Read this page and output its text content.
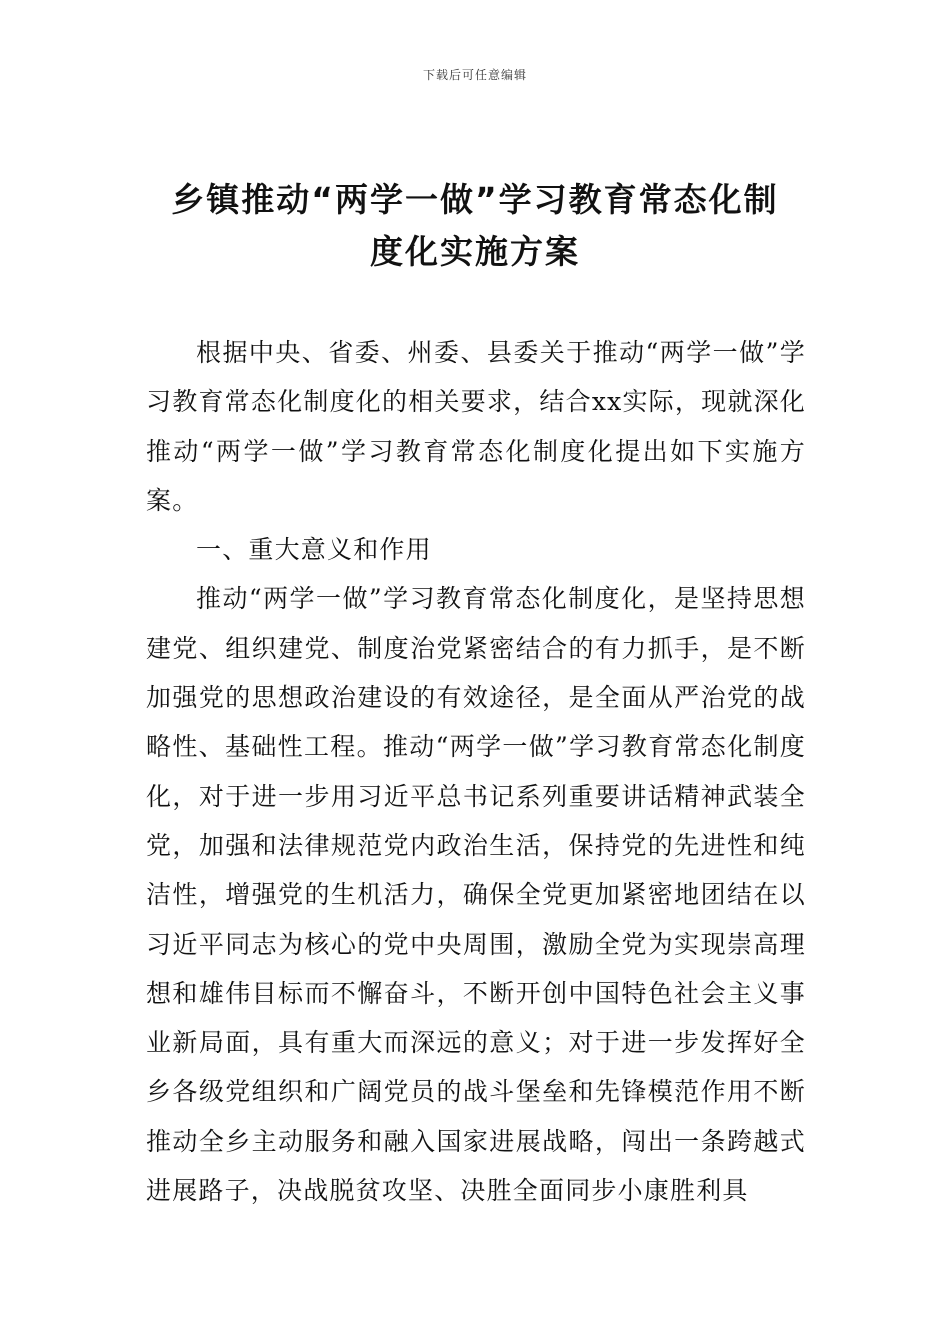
下载后可任意编辑
乡镇推动“两学一做”学习教育常态化制
度化实施方案

根据中央、省委、州委、县委关于推动“两学一做”学习教育常态化制度化的相关要求，结合xx实际，现就深化推动“两学一做”学习教育常态化制度化提出如下实施方案。

一、重大意义和作用

推动“两学一做”学习教育常态化制度化，是坚持思想建党、组织建党、制度治党紧密结合的有力抓手，是不断加强党的思想政治建设的有效途径，是全面从严治党的战略性、基础性工程。推动“两学一做”学习教育常态化制度化，对于进一步用习近平总书记系列重要讲话精神武装全党，加强和法律规范党内政治生活，保持党的先进性和纯洁性，增强党的生机活力，确保全党更加紧密地团结在以习近平同志为核心的党中央周围，激励全党为实现崇高理想和雄伟目标而不懈奋斗，不断开创中国特色社会主义事业新局面，具有重大而深远的意义；对于进一步发挥好全乡各级党组织和广阔党员的战斗堡垒和先锋模范作用不断推动全乡主动服务和融入国家进展战略，闯出一条跨越式进展路子，决战脱贫攻坚、决胜全面同步小康胜利具
